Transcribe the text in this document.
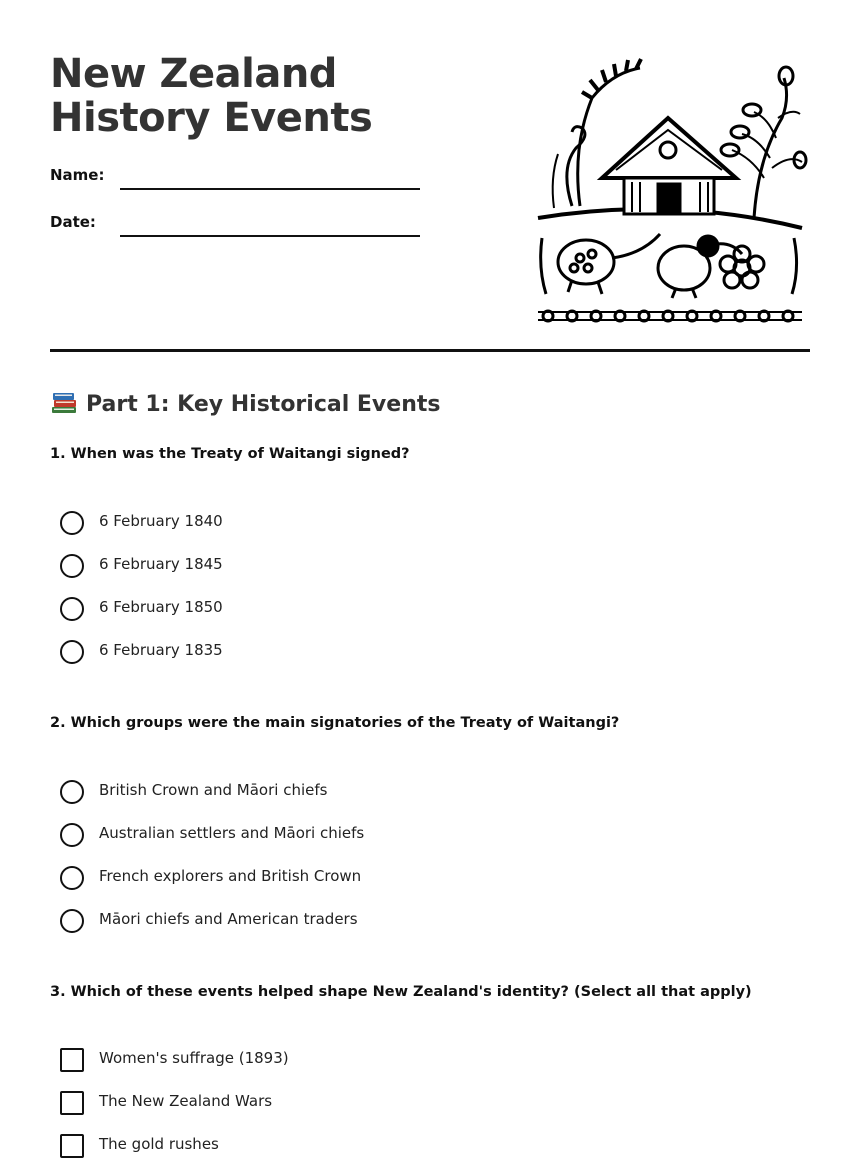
New Zealand History Events
Name:
Date:
Part 1: Key Historical Events

1. When was the Treaty of Waitangi signed?

6 February 1840
6 February 1845
6 February 1850
6 February 1835

2. Which groups were the main signatories of the Treaty of Waitangi?

British Crown and Māori chiefs
Australian settlers and Māori chiefs
French explorers and British Crown
Māori chiefs and American traders

3. Which of these events helped shape New Zealand's identity? (Select all that apply)

Women's suffrage (1893)
The New Zealand Wars
The gold rushes
